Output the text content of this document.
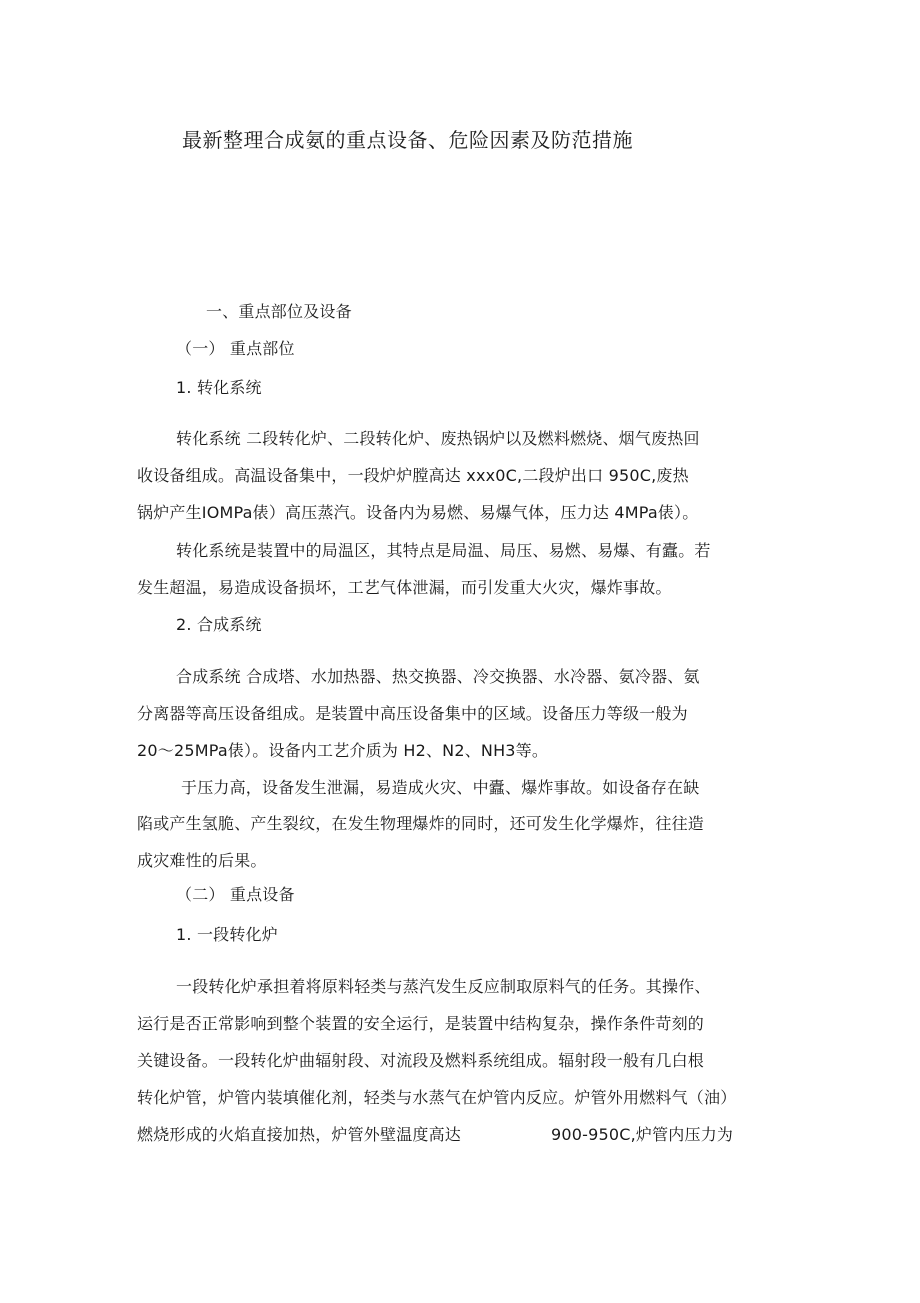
最新整理合成氨的重点设备、危险因素及防范措施
一、重点部位及设备
（一） 重点部位
1. 转化系统
转化系统 二段转化炉、二段转化炉、废热锅炉以及燃料燃烧、烟气废热回
收设备组成。高温设备集中，一段炉炉膛高达 xxx0C,二段炉出口 950C,废热
锅炉产生IOMPa俵）高压蒸汽。设备内为易燃、易爆气体，压力达 4MPa俵）。
转化系统是装置中的局温区，其特点是局温、局压、易燃、易爆、有蠹。若
发生超温，易造成设备损坏，工艺气体泄漏，而引发重大火灾，爆炸事故。
2. 合成系统
合成系统 合成塔、水加热器、热交换器、冷交换器、水冷器、氨冷器、氨
分离器等高压设备组成。是装置中高压设备集中的区域。设备压力等级一般为
20〜25MPa俵）。设备内工艺介质为 H2、N2、NH3等。
于压力高，设备发生泄漏，易造成火灾、中蠹、爆炸事故。如设备存在缺
陷或产生氢脆、产生裂纹，在发生物理爆炸的同时，还可发生化学爆炸，往往造
成灾难性的后果。
（二） 重点设备
1. 一段转化炉
一段转化炉承担着将原料轻类与蒸汽发生反应制取原料气的任务。其操作、
运行是否正常影响到整个装置的安全运行，是装置中结构复杂，操作条件苛刻的
关键设备。一段转化炉曲辐射段、对流段及燃料系统组成。辐射段一般有几白根
转化炉管，炉管内装填催化剂，轻类与水蒸气在炉管内反应。炉管外用燃料气（油）
燃烧形成的火焰直接加热，炉管外壁温度高达	900-950C,炉管内压力为
